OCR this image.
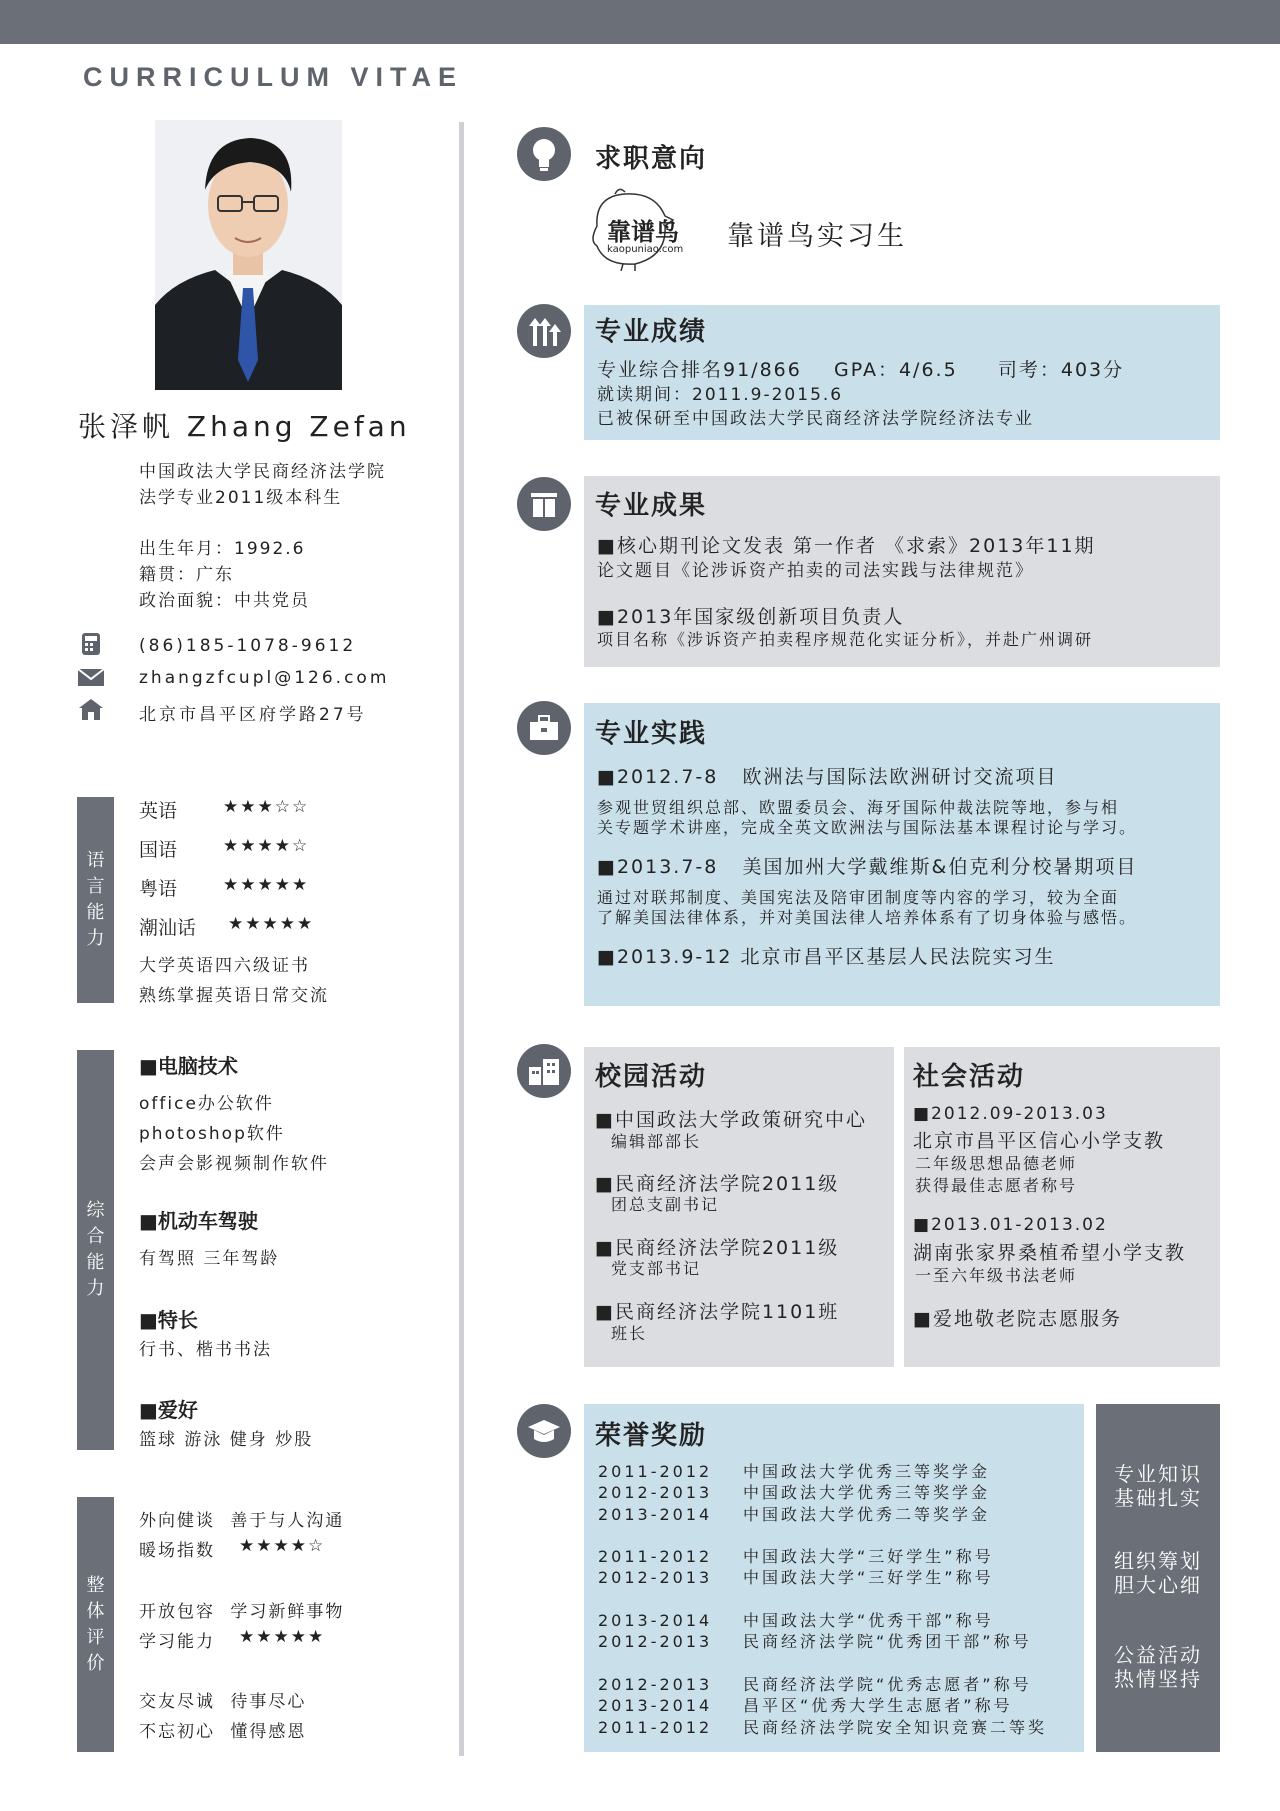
CURRICULUM VITAE
张泽帆 Zhang Zefan
中国政法大学民商经济法学院
法学专业2011级本科生
出生年月：1992.6
籍贯：广东
政治面貌：中共党员
(86)185-1078-9612
zhangzfcupl@126.com
北京市昌平区府学路27号
语言能力
英语	★★★☆☆
国语	★★★★☆
粤语	★★★★★
潮汕话 ★★★★★
大学英语四六级证书
熟练掌握英语日常交流
综合能力
■电脑技术
office办公软件
photoshop软件
会声会影视频制作软件
■机动车驾驶
有驾照 三年驾龄
■特长
行书、楷书书法
■爱好
篮球 游泳 健身 炒股
整体评价
外向健谈 善于与人沟通
暖场指数 ★★★★☆
开放包容 学习新鲜事物
学习能力 ★★★★★
交友尽诚 待事尽心
不忘初心 懂得感恩
求职意向
靠谱鸟
kaopuniao.com 靠谱鸟实习生
专业成绩
专业综合排名91/866    GPA：4/6.5     司考：403分
就读期间：2011.9-2015.6
已被保研至中国政法大学民商经济法学院经济法专业
专业成果
■核心期刊论文发表 第一作者 《求索》2013年11期
论文题目《论涉诉资产拍卖的司法实践与法律规范》
■2013年国家级创新项目负责人
项目名称《涉诉资产拍卖程序规范化实证分析》，并赴广州调研
专业实践
■2012.7-8   欧洲法与国际法欧洲研讨交流项目
参观世贸组织总部、欧盟委员会、海牙国际仲裁法院等地，参与相
关专题学术讲座，完成全英文欧洲法与国际法基本课程讨论与学习。
■2013.7-8   美国加州大学戴维斯&伯克利分校暑期项目
通过对联邦制度、美国宪法及陪审团制度等内容的学习，较为全面
了解美国法律体系，并对美国法律人培养体系有了切身体验与感悟。
■2013.9-12 北京市昌平区基层人民法院实习生
校园活动
■中国政法大学政策研究中心
编辑部部长
■民商经济法学院2011级
团总支副书记
■民商经济法学院2011级
党支部书记
■民商经济法学院1101班
班长
社会活动
■2012.09-2013.03
北京市昌平区信心小学支教
二年级思想品德老师
获得最佳志愿者称号
■2013.01-2013.02
湖南张家界桑植希望小学支教
一至六年级书法老师
■爱地敬老院志愿服务
荣誉奖励
2011-2012 中国政法大学优秀三等奖学金
2012-2013 中国政法大学优秀三等奖学金
2013-2014 中国政法大学优秀二等奖学金
2011-2012 中国政法大学“三好学生”称号
2012-2013 中国政法大学“三好学生”称号
2013-2014 中国政法大学“优秀干部”称号
2012-2013 民商经济法学院“优秀团干部”称号
2012-2013 民商经济法学院“优秀志愿者”称号
2013-2014 昌平区“优秀大学生志愿者”称号
2011-2012 民商经济法学院安全知识竞赛二等奖
专业知识
基础扎实
组织筹划
胆大心细
公益活动
热情坚持
